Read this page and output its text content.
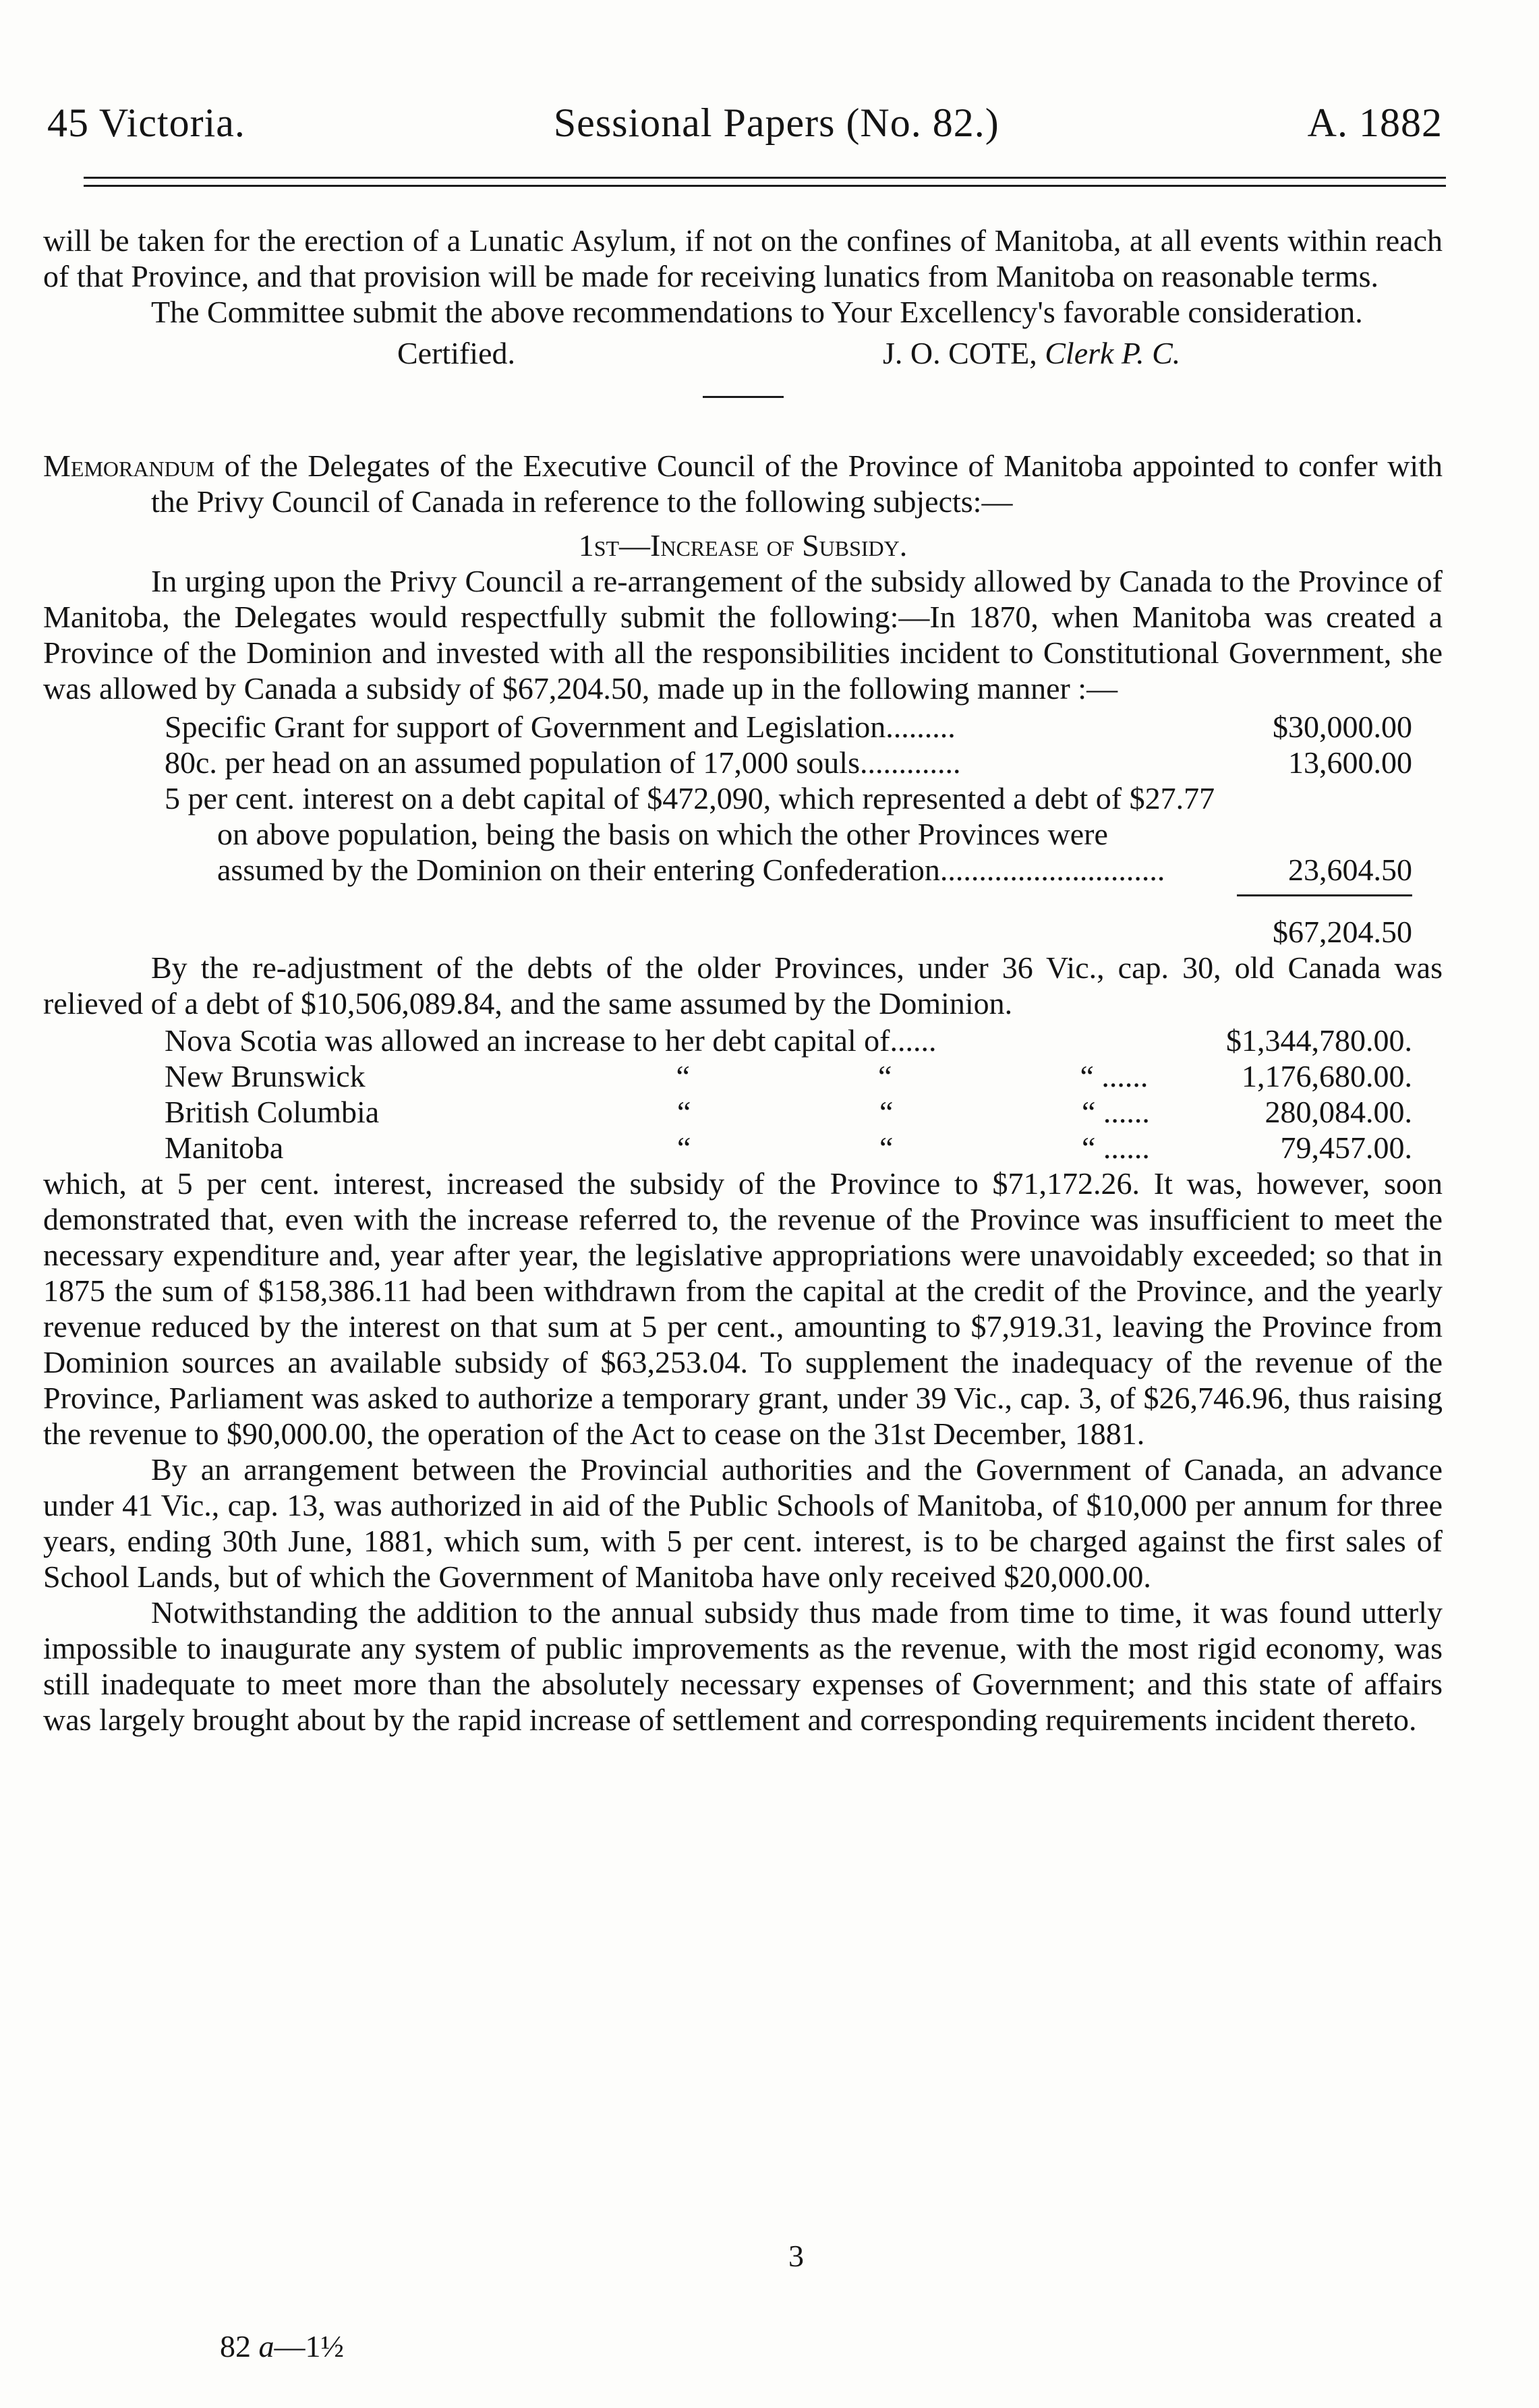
45 Victoria.	Sessional Papers (No. 82.)	A. 1882

will be taken for the erection of a Lunatic Asylum, if not on the confines of Manitoba, at all events within reach of that Province, and that provision will be made for receiving lunatics from Manitoba on reasonable terms.

The Committee submit the above recommendations to Your Excellency's favorable consideration.

Certified.	J. O. COTE, Clerk P. C.

Memorandum of the Delegates of the Executive Council of the Province of Manitoba appointed to confer with the Privy Council of Canada in reference to the following subjects:—

1st—Increase of Subsidy.

In urging upon the Privy Council a re-arrangement of the subsidy allowed by Canada to the Province of Manitoba, the Delegates would respectfully submit the following:—In 1870, when Manitoba was created a Province of the Dominion and invested with all the responsibilities incident to Constitutional Government, she was allowed by Canada a subsidy of $67,204.50, made up in the following manner :—

Specific Grant for support of Government and Legislation.........	$30,000.00
80c. per head on an assumed population of 17,000 souls.............	13,600.00
5 per cent. interest on a debt capital of $472,090, which represented a debt of $27.77 on above population, being the basis on which the other Provinces were assumed by the Dominion on their entering Confederation.............................	23,604.50
$67,204.50

By the re-adjustment of the debts of the older Provinces, under 36 Vic., cap. 30, old Canada was relieved of a debt of $10,506,089.84, and the same assumed by the Dominion.

Nova Scotia was allowed an increase to her debt capital of......	$1,344,780.00.
New Brunswick	“	“	“ ......	1,176,680.00.
British Columbia	“	“	“ ......	280,084.00.
Manitoba	“	“	“ ......	79,457.00.

which, at 5 per cent. interest, increased the subsidy of the Province to $71,172.26. It was, however, soon demonstrated that, even with the increase referred to, the revenue of the Province was insufficient to meet the necessary expenditure and, year after year, the legislative appropriations were unavoidably exceeded; so that in 1875 the sum of $158,386.11 had been withdrawn from the capital at the credit of the Province, and the yearly revenue reduced by the interest on that sum at 5 per cent., amounting to $7,919.31, leaving the Province from Dominion sources an available subsidy of $63,253.04. To supplement the inadequacy of the revenue of the Province, Parliament was asked to authorize a temporary grant, under 39 Vic., cap. 3, of $26,746.96, thus raising the revenue to $90,000.00, the operation of the Act to cease on the 31st December, 1881.

By an arrangement between the Provincial authorities and the Government of Canada, an advance under 41 Vic., cap. 13, was authorized in aid of the Public Schools of Manitoba, of $10,000 per annum for three years, ending 30th June, 1881, which sum, with 5 per cent. interest, is to be charged against the first sales of School Lands, but of which the Government of Manitoba have only received $20,000.00.

Notwithstanding the addition to the annual subsidy thus made from time to time, it was found utterly impossible to inaugurate any system of public improvements as the revenue, with the most rigid economy, was still inadequate to meet more than the absolutely necessary expenses of Government; and this state of affairs was largely brought about by the rapid increase of settlement and corresponding requirements incident thereto.

3
82 a—1½
